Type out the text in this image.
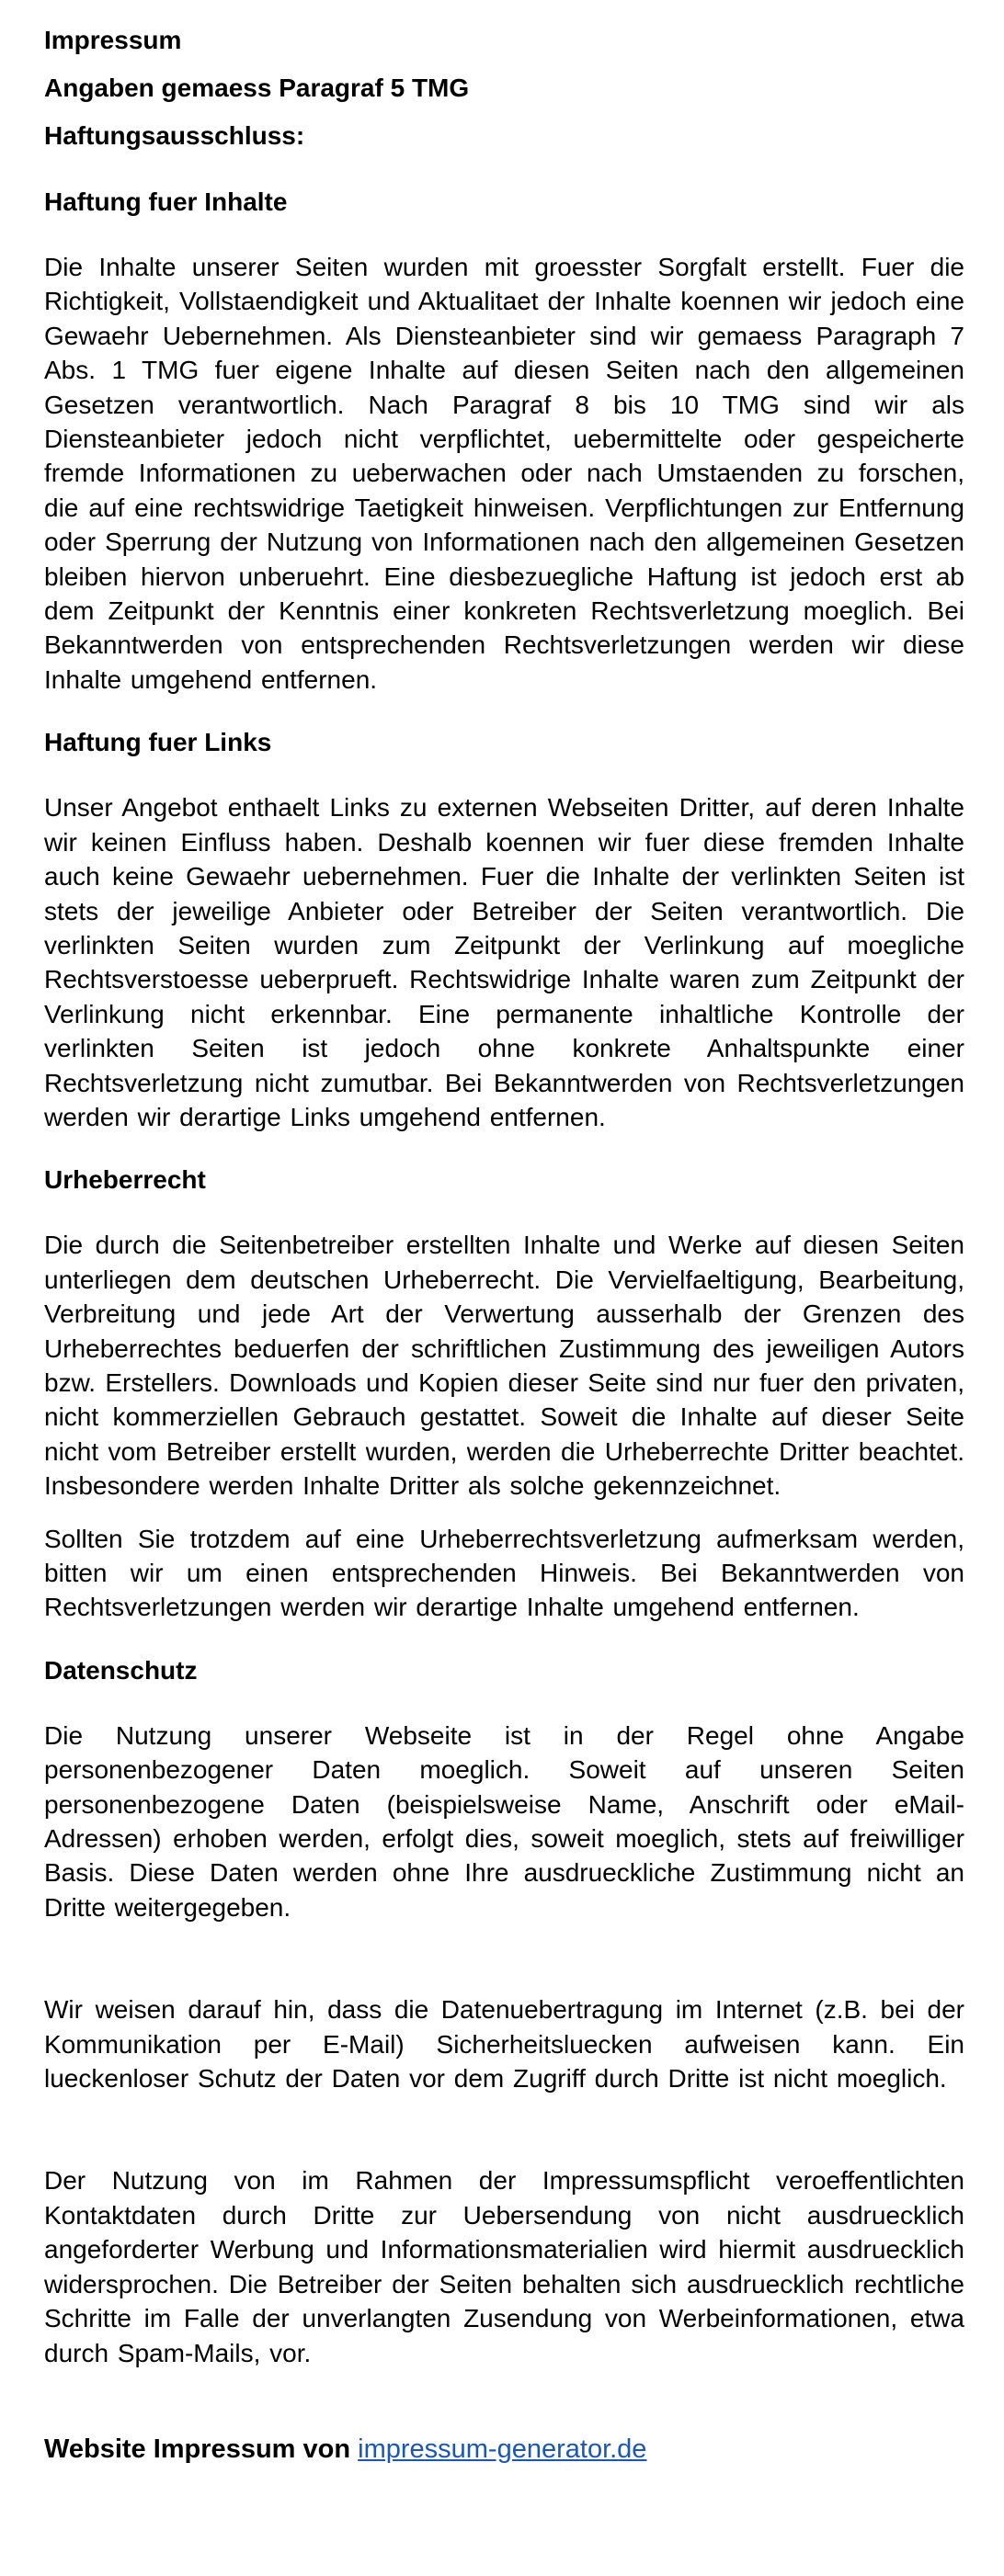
Impressum
Angaben gemaess Paragraf 5 TMG
Haftungsausschluss:
Haftung fuer Inhalte

Die Inhalte unserer Seiten wurden mit groesster Sorgfalt erstellt. Fuer die Richtigkeit, Vollstaendigkeit und Aktualitaet der Inhalte koennen wir jedoch eine Gewaehr Uebernehmen. Als Diensteanbieter sind wir gemaess Paragraph 7 Abs. 1 TMG fuer eigene Inhalte auf diesen Seiten nach den allgemeinen Gesetzen verantwortlich. Nach Paragraf 8 bis 10 TMG sind wir als Diensteanbieter jedoch nicht verpflichtet, uebermittelte oder gespeicherte fremde Informationen zu ueberwachen oder nach Umstaenden zu forschen, die auf eine rechtswidrige Taetigkeit hinweisen. Verpflichtungen zur Entfernung oder Sperrung der Nutzung von Informationen nach den allgemeinen Gesetzen bleiben hiervon unberuehrt. Eine diesbezuegliche Haftung ist jedoch erst ab dem Zeitpunkt der Kenntnis einer konkreten Rechtsverletzung moeglich. Bei Bekanntwerden von entsprechenden Rechtsverletzungen werden wir diese Inhalte umgehend entfernen.

Haftung fuer Links

Unser Angebot enthaelt Links zu externen Webseiten Dritter, auf deren Inhalte wir keinen Einfluss haben. Deshalb koennen wir fuer diese fremden Inhalte auch keine Gewaehr uebernehmen. Fuer die Inhalte der verlinkten Seiten ist stets der jeweilige Anbieter oder Betreiber der Seiten verantwortlich. Die verlinkten Seiten wurden zum Zeitpunkt der Verlinkung auf moegliche Rechtsverstoesse ueberprueft. Rechtswidrige Inhalte waren zum Zeitpunkt der Verlinkung nicht erkennbar. Eine permanente inhaltliche Kontrolle der verlinkten Seiten ist jedoch ohne konkrete Anhaltspunkte einer Rechtsverletzung nicht zumutbar. Bei Bekanntwerden von Rechtsverletzungen werden wir derartige Links umgehend entfernen.

Urheberrecht

Die durch die Seitenbetreiber erstellten Inhalte und Werke auf diesen Seiten unterliegen dem deutschen Urheberrecht. Die Vervielfaeltigung, Bearbeitung, Verbreitung und jede Art der Verwertung ausserhalb der Grenzen des Urheberrechtes beduerfen der schriftlichen Zustimmung des jeweiligen Autors bzw. Erstellers. Downloads und Kopien dieser Seite sind nur fuer den privaten, nicht kommerziellen Gebrauch gestattet. Soweit die Inhalte auf dieser Seite nicht vom Betreiber erstellt wurden, werden die Urheberrechte Dritter beachtet. Insbesondere werden Inhalte Dritter als solche gekennzeichnet.

Sollten Sie trotzdem auf eine Urheberrechtsverletzung aufmerksam werden, bitten wir um einen entsprechenden Hinweis. Bei Bekanntwerden von Rechtsverletzungen werden wir derartige Inhalte umgehend entfernen.

Datenschutz

Die Nutzung unserer Webseite ist in der Regel ohne Angabe personenbezogener Daten moeglich. Soweit auf unseren Seiten personenbezogene Daten (beispielsweise Name, Anschrift oder eMail-Adressen) erhoben werden, erfolgt dies, soweit moeglich, stets auf freiwilliger Basis. Diese Daten werden ohne Ihre ausdrueckliche Zustimmung nicht an Dritte weitergegeben.

Wir weisen darauf hin, dass die Datenuebertragung im Internet (z.B. bei der Kommunikation per E-Mail) Sicherheitsluecken aufweisen kann. Ein lueckenloser Schutz der Daten vor dem Zugriff durch Dritte ist nicht moeglich.

Der Nutzung von im Rahmen der Impressumspflicht veroeffentlichten Kontaktdaten durch Dritte zur Uebersendung von nicht ausdruecklich angeforderter Werbung und Informationsmaterialien wird hiermit ausdruecklich widersprochen. Die Betreiber der Seiten behalten sich ausdruecklich rechtliche Schritte im Falle der unverlangten Zusendung von Werbeinformationen, etwa durch Spam-Mails, vor.

Website Impressum von impressum-generator.de
